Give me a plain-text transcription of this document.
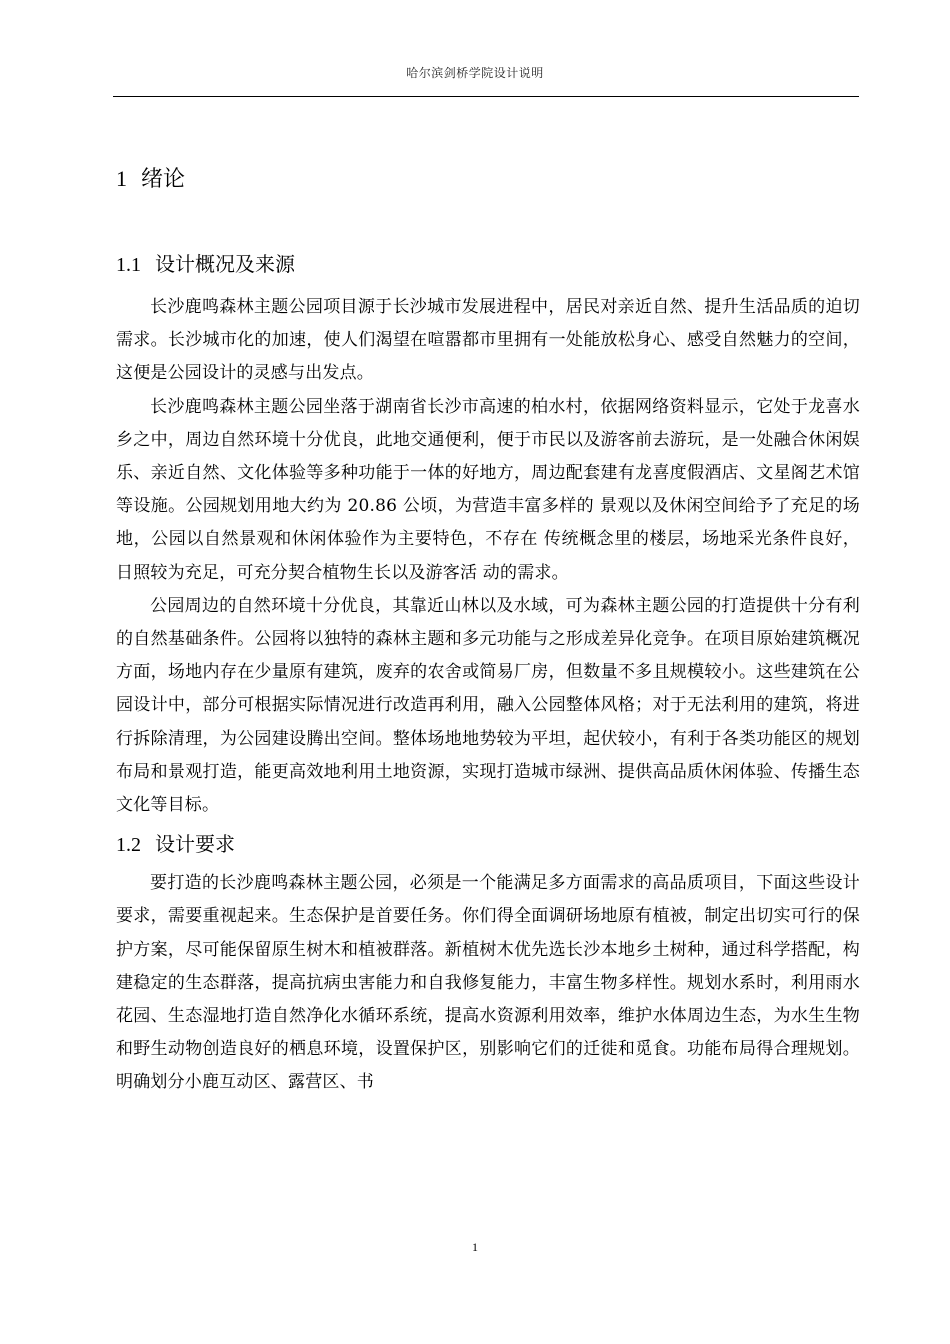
哈尔滨剑桥学院设计说明
1 绪论
1.1 设计概况及来源

长沙鹿鸣森林主题公园项目源于长沙城市发展进程中，居民对亲近自然、提升生活品质的迫切需求。长沙城市化的加速，使人们渴望在喧嚣都市里拥有一处能放松身心、感受自然魅力的空间，这便是公园设计的灵感与出发点。

长沙鹿鸣森林主题公园坐落于湖南省长沙市高速的柏水村，依据网络资料显示，它处于龙喜水乡之中，周边自然环境十分优良，此地交通便利，便于市民以及游客前去游玩，是一处融合休闲娱乐、亲近自然、文化体验等多种功能于一体的好地方，周边配套建有龙喜度假酒店、文星阁艺术馆等设施。公园规划用地大约为 20.86 公顷，为营造丰富多样的 景观以及休闲空间给予了充足的场地，公园以自然景观和休闲体验作为主要特色，不存在 传统概念里的楼层，场地采光条件良好， 日照较为充足，可充分契合植物生长以及游客活 动的需求。

公园周边的自然环境十分优良，其靠近山林以及水域，可为森林主题公园的打造提供十分有利的自然基础条件。公园将以独特的森林主题和多元功能与之形成差异化竞争。在项目原始建筑概况方面，场地内存在少量原有建筑，废弃的农舍或简易厂房，但数量不多且规模较小。这些建筑在公园设计中，部分可根据实际情况进行改造再利用，融入公园整体风格；对于无法利用的建筑，将进行拆除清理，为公园建设腾出空间。整体场地地势较为平坦，起伏较小，有利于各类功能区的规划布局和景观打造，能更高效地利用土地资源，实现打造城市绿洲、提供高品质休闲体验、传播生态文化等目标。

1.2 设计要求

要打造的长沙鹿鸣森林主题公园，必须是一个能满足多方面需求的高品质项目，下面这些设计要求，需要重视起来。生态保护是首要任务。你们得全面调研场地原有植被，制定出切实可行的保护方案，尽可能保留原生树木和植被群落。新植树木优先选长沙本地乡土树种，通过科学搭配，构建稳定的生态群落，提高抗病虫害能力和自我修复能力，丰富生物多样性。规划水系时，利用雨水花园、生态湿地打造自然净化水循环系统，提高水资源利用效率，维护水体周边生态，为水生生物和野生动物创造良好的栖息环境，设置保护区，别影响它们的迁徙和觅食。功能布局得合理规划。明确划分小鹿互动区、露营区、书

1
